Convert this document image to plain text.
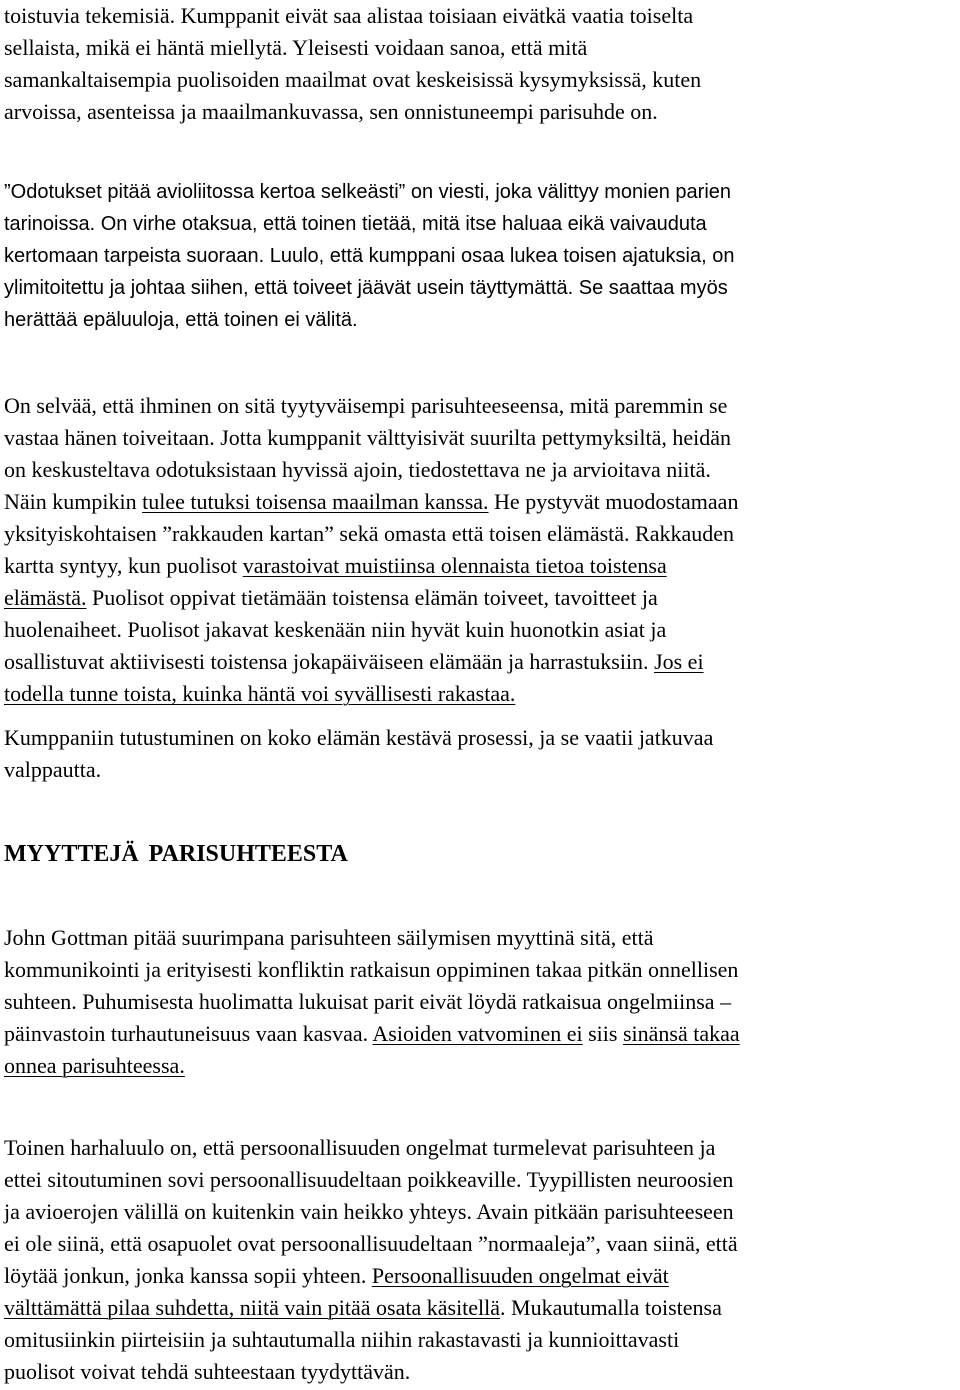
toistuvia tekemisiä. Kumppanit eivät saa alistaa toisiaan eivätkä vaatia toiselta
sellaista, mikä ei häntä miellytä. Yleisesti voidaan sanoa, että mitä
samankaltaisempia puolisoiden maailmat ovat keskeisissä kysymyksissä, kuten
arvoissa, asenteissa ja maailmankuvassa, sen onnistuneempi parisuhde on.
”Odotukset pitää avioliitossa kertoa selkeästi” on viesti, joka välittyy monien parien
tarinoissa. On virhe otaksua, että toinen tietää, mitä itse haluaa eikä vaivauduta
kertomaan tarpeista suoraan. Luulo, että kumppani osaa lukea toisen ajatuksia, on
ylimitoitettu ja johtaa siihen, että toiveet jäävät usein täyttymättä. Se saattaa myös
herättää epäluuloja, että toinen ei välitä.
On selvää, että ihminen on sitä tyytyväisempi parisuhteeseensa, mitä paremmin se
vastaa hänen toiveitaan. Jotta kumppanit välttyisivät suurilta pettymyksiltä, heidän
on keskusteltava odotuksistaan hyvissä ajoin, tiedostettava ne ja arvioitava niitä.
Näin kumpikin tulee tutuksi toisensa maailman kanssa. He pystyvät muodostamaan
yksityiskohtaisen ”rakkauden kartan” sekä omasta että toisen elämästä. Rakkauden
kartta syntyy, kun puolisot varastoivat muistiinsa olennaista tietoa toistensa
elämästä. Puolisot oppivat tietämään toistensa elämän toiveet, tavoitteet ja
huolenaiheet. Puolisot jakavat keskenään niin hyvät kuin huonotkin asiat ja
osallistuvat aktiivisesti toistensa jokapäiväiseen elämään ja harrastuksiin. Jos ei
todella tunne toista, kuinka häntä voi syvällisesti rakastaa.
Kumppaniin tutustuminen on koko elämän kestävä prosessi, ja se vaatii jatkuvaa
valppautta.
MYYTTEJÄ PARISUHTEESTA
John Gottman pitää suurimpana parisuhteen säilymisen myyttinä sitä, että
kommunikointi ja erityisesti konfliktin ratkaisun oppiminen takaa pitkän onnellisen
suhteen. Puhumisesta huolimatta lukuisat parit eivät löydä ratkaisua ongelmiinsa –
päinvastoin turhautuneisuus vaan kasvaa. Asioiden vatvominen ei siis sinänsä takaa
onnea parisuhteessa.
Toinen harhaluulo on, että persoonallisuuden ongelmat turmelevat parisuhteen ja
ettei sitoutuminen sovi persoonallisuudeltaan poikkeaville. Tyypillisten neuroosien
ja avioerojen välillä on kuitenkin vain heikko yhteys. Avain pitkään parisuhteeseen
ei ole siinä, että osapuolet ovat persoonallisuudeltaan ”normaaleja”, vaan siinä, että
löytää jonkun, jonka kanssa sopii yhteen. Persoonallisuuden ongelmat eivät
välttämättä pilaa suhdetta, niitä vain pitää osata käsitellä. Mukautumalla toistensa
omitusiinkin piirteisiin ja suhtautumalla niihin rakastavasti ja kunnioittavasti
puolisot voivat tehdä suhteestaan tyydyttävän.
